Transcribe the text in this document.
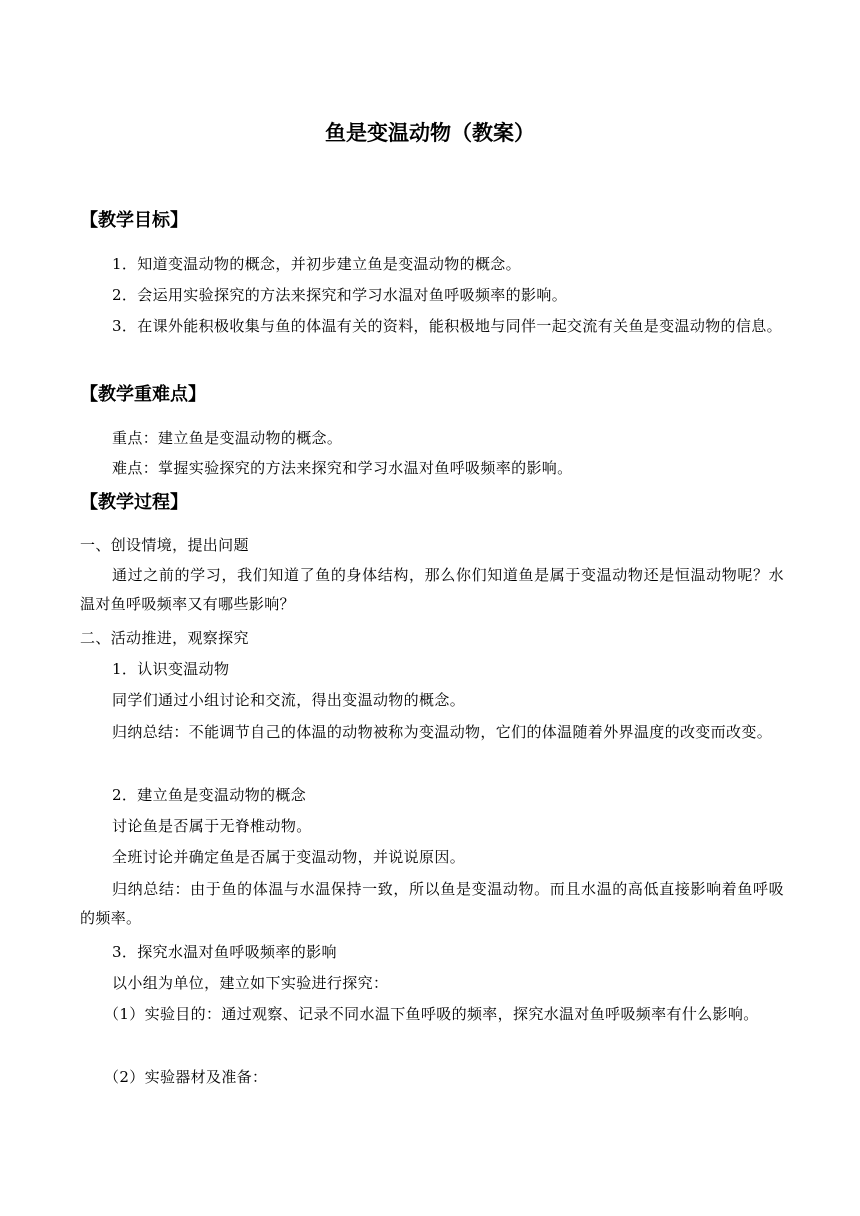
鱼是变温动物（教案）
【教学目标】
1．知道变温动物的概念，并初步建立鱼是变温动物的概念。
2．会运用实验探究的方法来探究和学习水温对鱼呼吸频率的影响。
3．在课外能积极收集与鱼的体温有关的资料，能积极地与同伴一起交流有关鱼是变温动物的信息。
【教学重难点】
重点：建立鱼是变温动物的概念。
难点：掌握实验探究的方法来探究和学习水温对鱼呼吸频率的影响。
【教学过程】
一、创设情境，提出问题
通过之前的学习，我们知道了鱼的身体结构，那么你们知道鱼是属于变温动物还是恒温动物呢？水温对鱼呼吸频率又有哪些影响？
二、活动推进，观察探究
1．认识变温动物
同学们通过小组讨论和交流，得出变温动物的概念。
归纳总结：不能调节自己的体温的动物被称为变温动物，它们的体温随着外界温度的改变而改变。
2．建立鱼是变温动物的概念
讨论鱼是否属于无脊椎动物。
全班讨论并确定鱼是否属于变温动物，并说说原因。
归纳总结：由于鱼的体温与水温保持一致，所以鱼是变温动物。而且水温的高低直接影响着鱼呼吸的频率。
3．探究水温对鱼呼吸频率的影响
以小组为单位，建立如下实验进行探究：
（1）实验目的：通过观察、记录不同水温下鱼呼吸的频率，探究水温对鱼呼吸频率有什么影响。
（2）实验器材及准备：
